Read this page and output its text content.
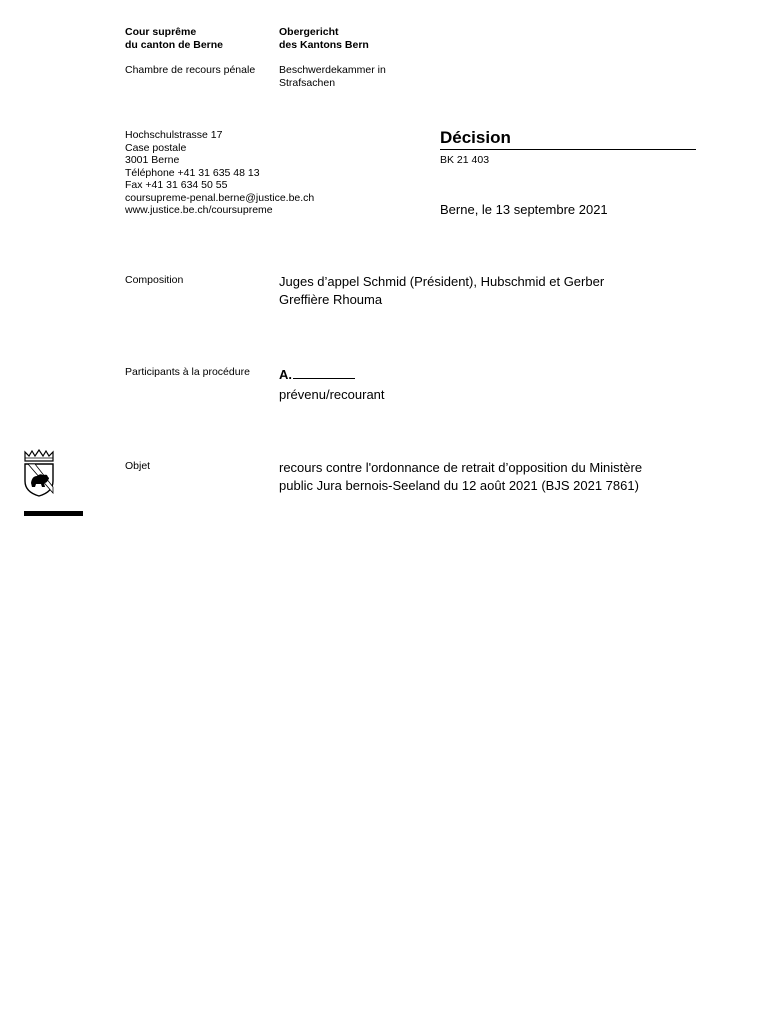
Cour suprême
du canton de Berne
Obergericht
des Kantons Bern
Chambre de recours pénale Beschwerdekammer in
Strafsachen
Hochschulstrasse 17
Case postale
3001 Berne
Téléphone +41 31 635 48 13
Fax +41 31 634 50 55
coursupreme-penal.berne@justice.be.ch
www.justice.be.ch/coursupreme
Décision
BK 21 403
Berne, le 13 septembre 2021
Composition	Juges d’appel Schmid (Président), Hubschmid et Gerber
Greffière Rhouma
Participants à la procédure A.
prévenu/recourant
Objet	recours contre l'ordonnance de retrait d’opposition du Ministère
public Jura bernois-Seeland du 12 août 2021 (BJS 2021 7861)
